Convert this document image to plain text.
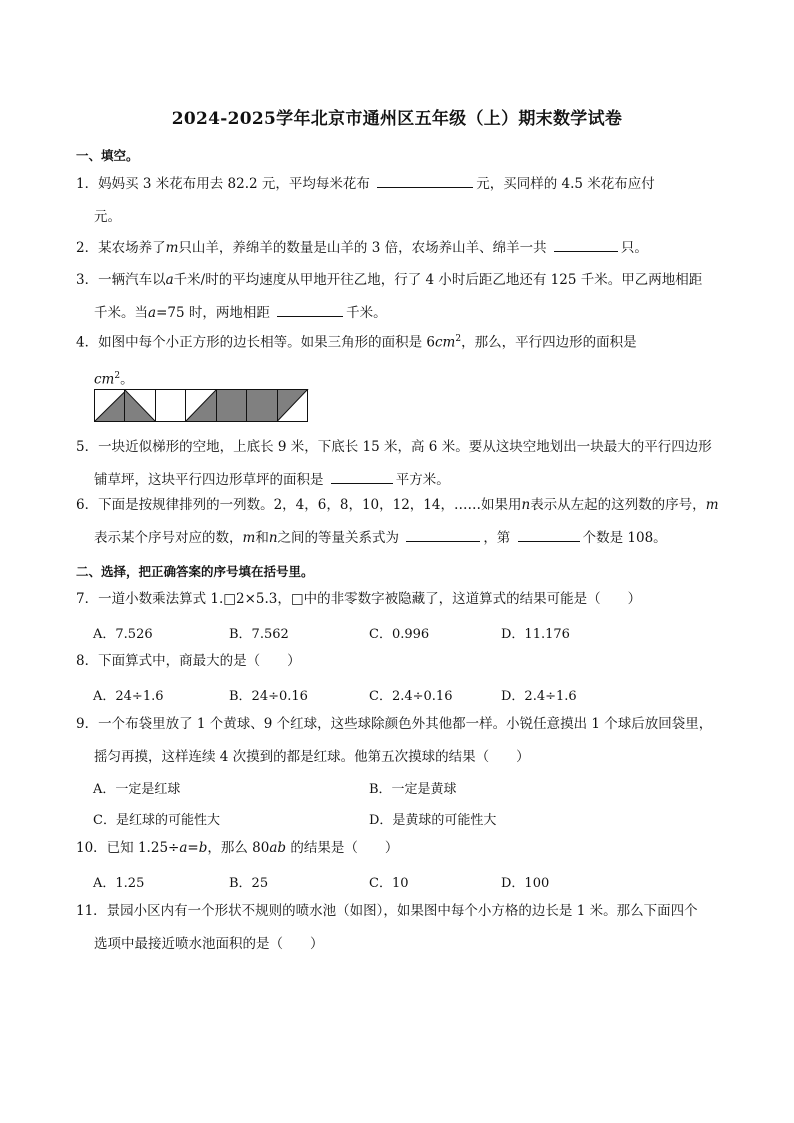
2024-2025学年北京市通州区五年级（上）期末数学试卷
一、填空。
1．妈妈买 3 米花布用去 82.2 元，平均每米花布	元，买同样的 4.5 米花布应付
元。
2．某农场养了m只山羊，养绵羊的数量是山羊的 3 倍，农场养山羊、绵羊一共	只。
3．一辆汽车以a千米/时的平均速度从甲地开往乙地，行了 4 小时后距乙地还有 125 千米。甲乙两地相距
千米。当a=75 时，两地相距	千米。
4．如图中每个小正方形的边长相等。如果三角形的面积是 $6cm^2$，那么，平行四边形的面积是
$cm^2$。
5．一块近似梯形的空地，上底长 9 米，下底长 15 米，高 6 米。要从这块空地划出一块最大的平行四边形
铺草坪，这块平行四边形草坪的面积是	平方米。
6．下面是按规律排列的一列数。2，4，6，8，10，12，14，……如果用n表示从左起的这列数的序号，m
表示某个序号对应的数，m和n之间的等量关系式为	，第	个数是 108。
二、选择，把正确答案的序号填在括号里。
7．一道小数乘法算式 1.□2×5.3，□中的非零数字被隐藏了，这道算式的结果可能是（　　）
A．7.526	B．7.562	C．0.996	D．11.176
8．下面算式中，商最大的是（　　）
A．24÷1.6	B．24÷0.16	C．2.4÷0.16	D．2.4÷1.6
9．一个布袋里放了 1 个黄球、9 个红球，这些球除颜色外其他都一样。小锐任意摸出 1 个球后放回袋里，
摇匀再摸，这样连续 4 次摸到的都是红球。他第五次摸球的结果（　　）
A．一定是红球	B．一定是黄球
C．是红球的可能性大	D．是黄球的可能性大
10．已知 1.25÷a=b，那么 80ab 的结果是（　　）
A．1.25	B．25	C．10	D．100
11．景园小区内有一个形状不规则的喷水池（如图），如果图中每个小方格的边长是 1 米。那么下面四个
选项中最接近喷水池面积的是（　　）
